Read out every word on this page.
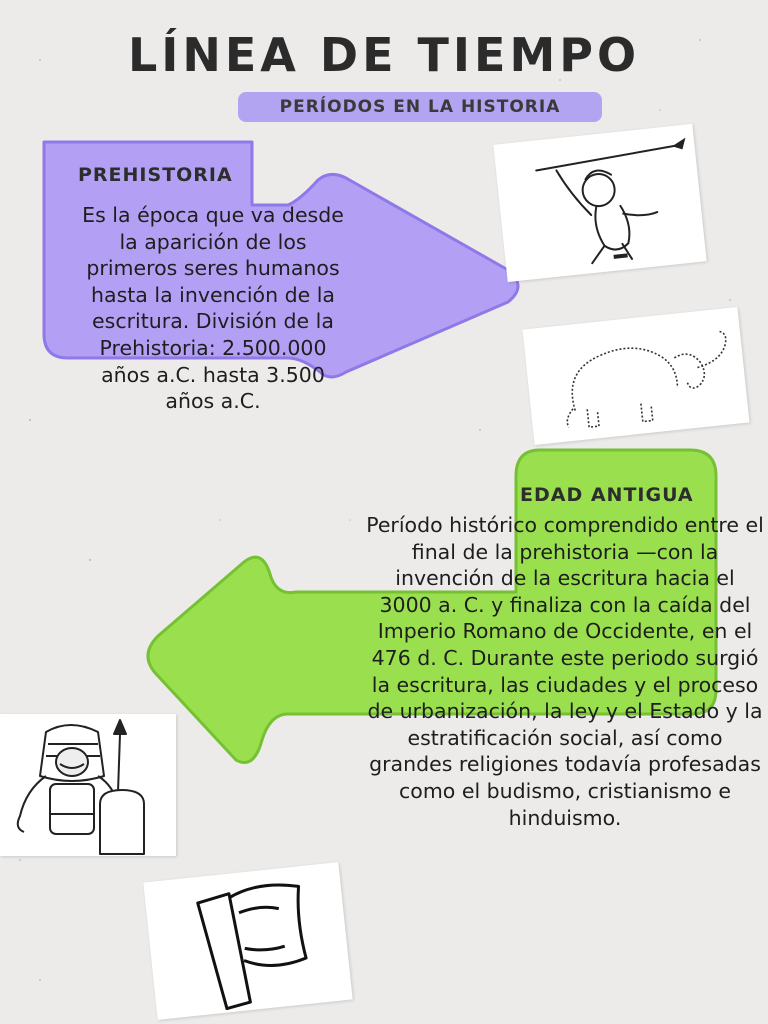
LÍNEA DE TIEMPO
PERÍODOS EN LA HISTORIA
PREHISTORIA
Es la época que va desde la aparición de los primeros seres humanos hasta la invención de la escritura. División de la Prehistoria: 2.500.000 años a.C. hasta 3.500 años a.C.
EDAD ANTIGUA
Período histórico comprendido entre el final de la prehistoria —con la invención de la escritura hacia el 3000 a. C. y finaliza con la caída del Imperio Romano de Occidente, en el 476 d. C. Durante este periodo surgió la escritura, las ciudades y el proceso de urbanización, la ley y el Estado y la estratificación social, así como grandes religiones todavía profesadas como el budismo, cristianismo e hinduismo.
